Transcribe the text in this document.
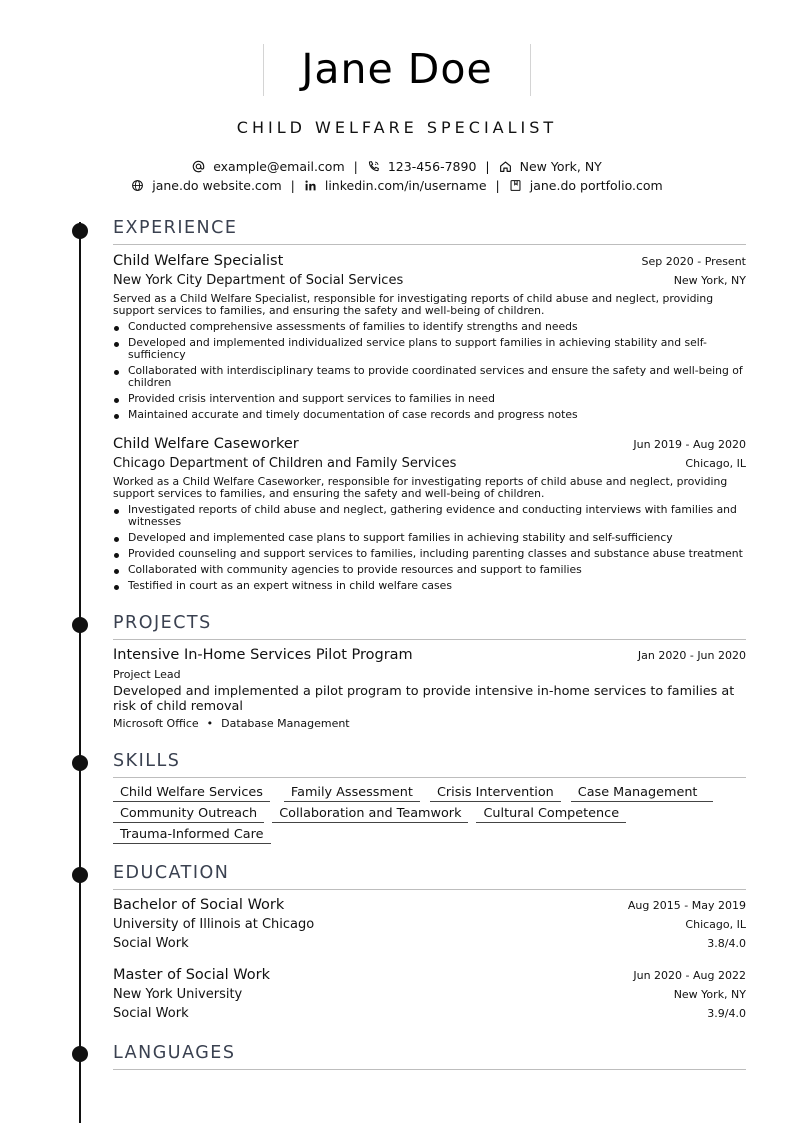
Jane Doe
CHILD WELFARE SPECIALIST
example@email.com | 123-456-7890 | New York, NY
jane.do website.com | linkedin.com/in/username | jane.do portfolio.com
EXPERIENCE
Child Welfare Specialist	Sep 2020 - Present
New York City Department of Social Services	New York, NY
Served as a Child Welfare Specialist, responsible for investigating reports of child abuse and neglect, providing support services to families, and ensuring the safety and well-being of children.
Conducted comprehensive assessments of families to identify strengths and needs
Developed and implemented individualized service plans to support families in achieving stability and self-sufficiency
Collaborated with interdisciplinary teams to provide coordinated services and ensure the safety and well-being of children
Provided crisis intervention and support services to families in need
Maintained accurate and timely documentation of case records and progress notes
Child Welfare Caseworker	Jun 2019 - Aug 2020
Chicago Department of Children and Family Services	Chicago, IL
Worked as a Child Welfare Caseworker, responsible for investigating reports of child abuse and neglect, providing support services to families, and ensuring the safety and well-being of children.
Investigated reports of child abuse and neglect, gathering evidence and conducting interviews with families and witnesses
Developed and implemented case plans to support families in achieving stability and self-sufficiency
Provided counseling and support services to families, including parenting classes and substance abuse treatment
Collaborated with community agencies to provide resources and support to families
Testified in court as an expert witness in child welfare cases
PROJECTS
Intensive In-Home Services Pilot Program	Jan 2020 - Jun 2020
Project Lead
Developed and implemented a pilot program to provide intensive in-home services to families at risk of child removal
Microsoft Office • Database Management
SKILLS
Child Welfare Services	Family Assessment	Crisis Intervention	Case Management
Community Outreach	Collaboration and Teamwork	Cultural Competence
Trauma-Informed Care
EDUCATION
Bachelor of Social Work	Aug 2015 - May 2019
University of Illinois at Chicago	Chicago, IL
Social Work	3.8/4.0
Master of Social Work	Jun 2020 - Aug 2022
New York University	New York, NY
Social Work	3.9/4.0
LANGUAGES
